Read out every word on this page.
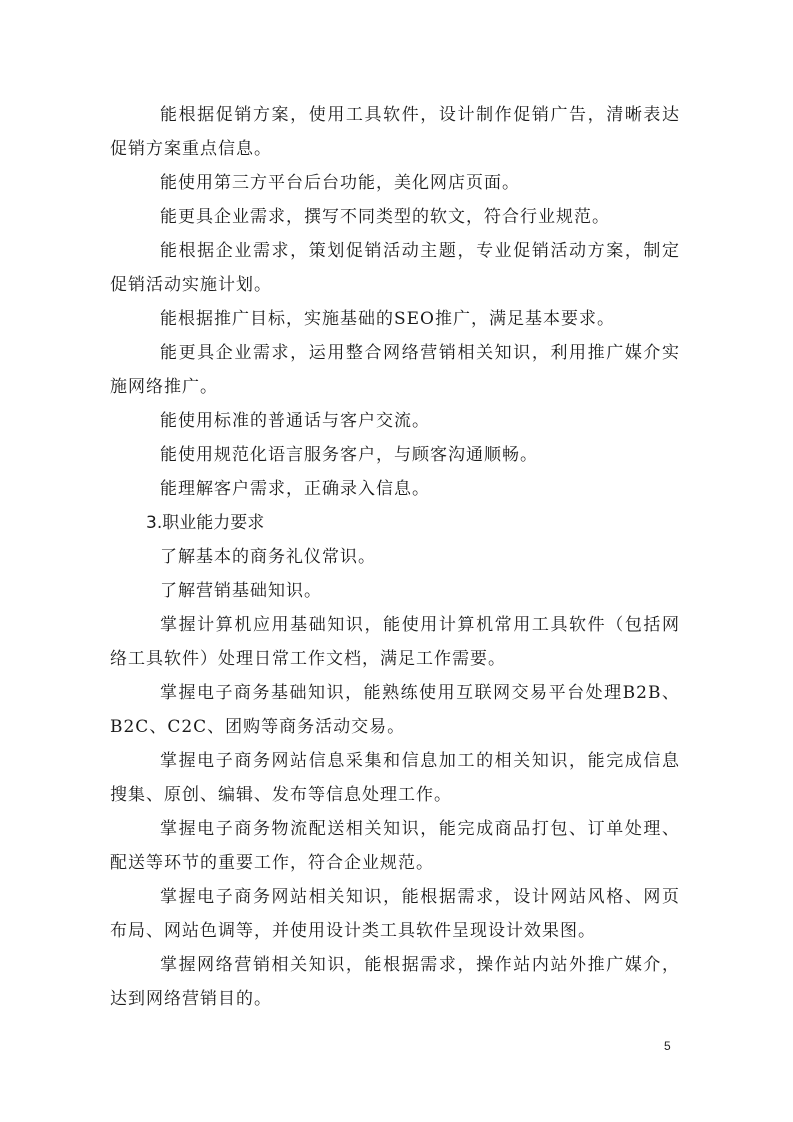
能根据促销方案，使用工具软件，设计制作促销广告，清晰表达促销方案重点信息。

能使用第三方平台后台功能，美化网店页面。

能更具企业需求，撰写不同类型的软文，符合行业规范。

能根据企业需求，策划促销活动主题，专业促销活动方案，制定促销活动实施计划。

能根据推广目标，实施基础的SEO推广，满足基本要求。

能更具企业需求，运用整合网络营销相关知识，利用推广媒介实施网络推广。

能使用标准的普通话与客户交流。

能使用规范化语言服务客户，与顾客沟通顺畅。

能理解客户需求，正确录入信息。

3.职业能力要求

了解基本的商务礼仪常识。

了解营销基础知识。

掌握计算机应用基础知识，能使用计算机常用工具软件（包括网络工具软件）处理日常工作文档，满足工作需要。

掌握电子商务基础知识，能熟练使用互联网交易平台处理B2B、B2C、C2C、团购等商务活动交易。

掌握电子商务网站信息采集和信息加工的相关知识，能完成信息搜集、原创、编辑、发布等信息处理工作。

掌握电子商务物流配送相关知识，能完成商品打包、订单处理、配送等环节的重要工作，符合企业规范。

掌握电子商务网站相关知识，能根据需求，设计网站风格、网页布局、网站色调等，并使用设计类工具软件呈现设计效果图。

掌握网络营销相关知识，能根据需求，操作站内站外推广媒介，达到网络营销目的。

5
